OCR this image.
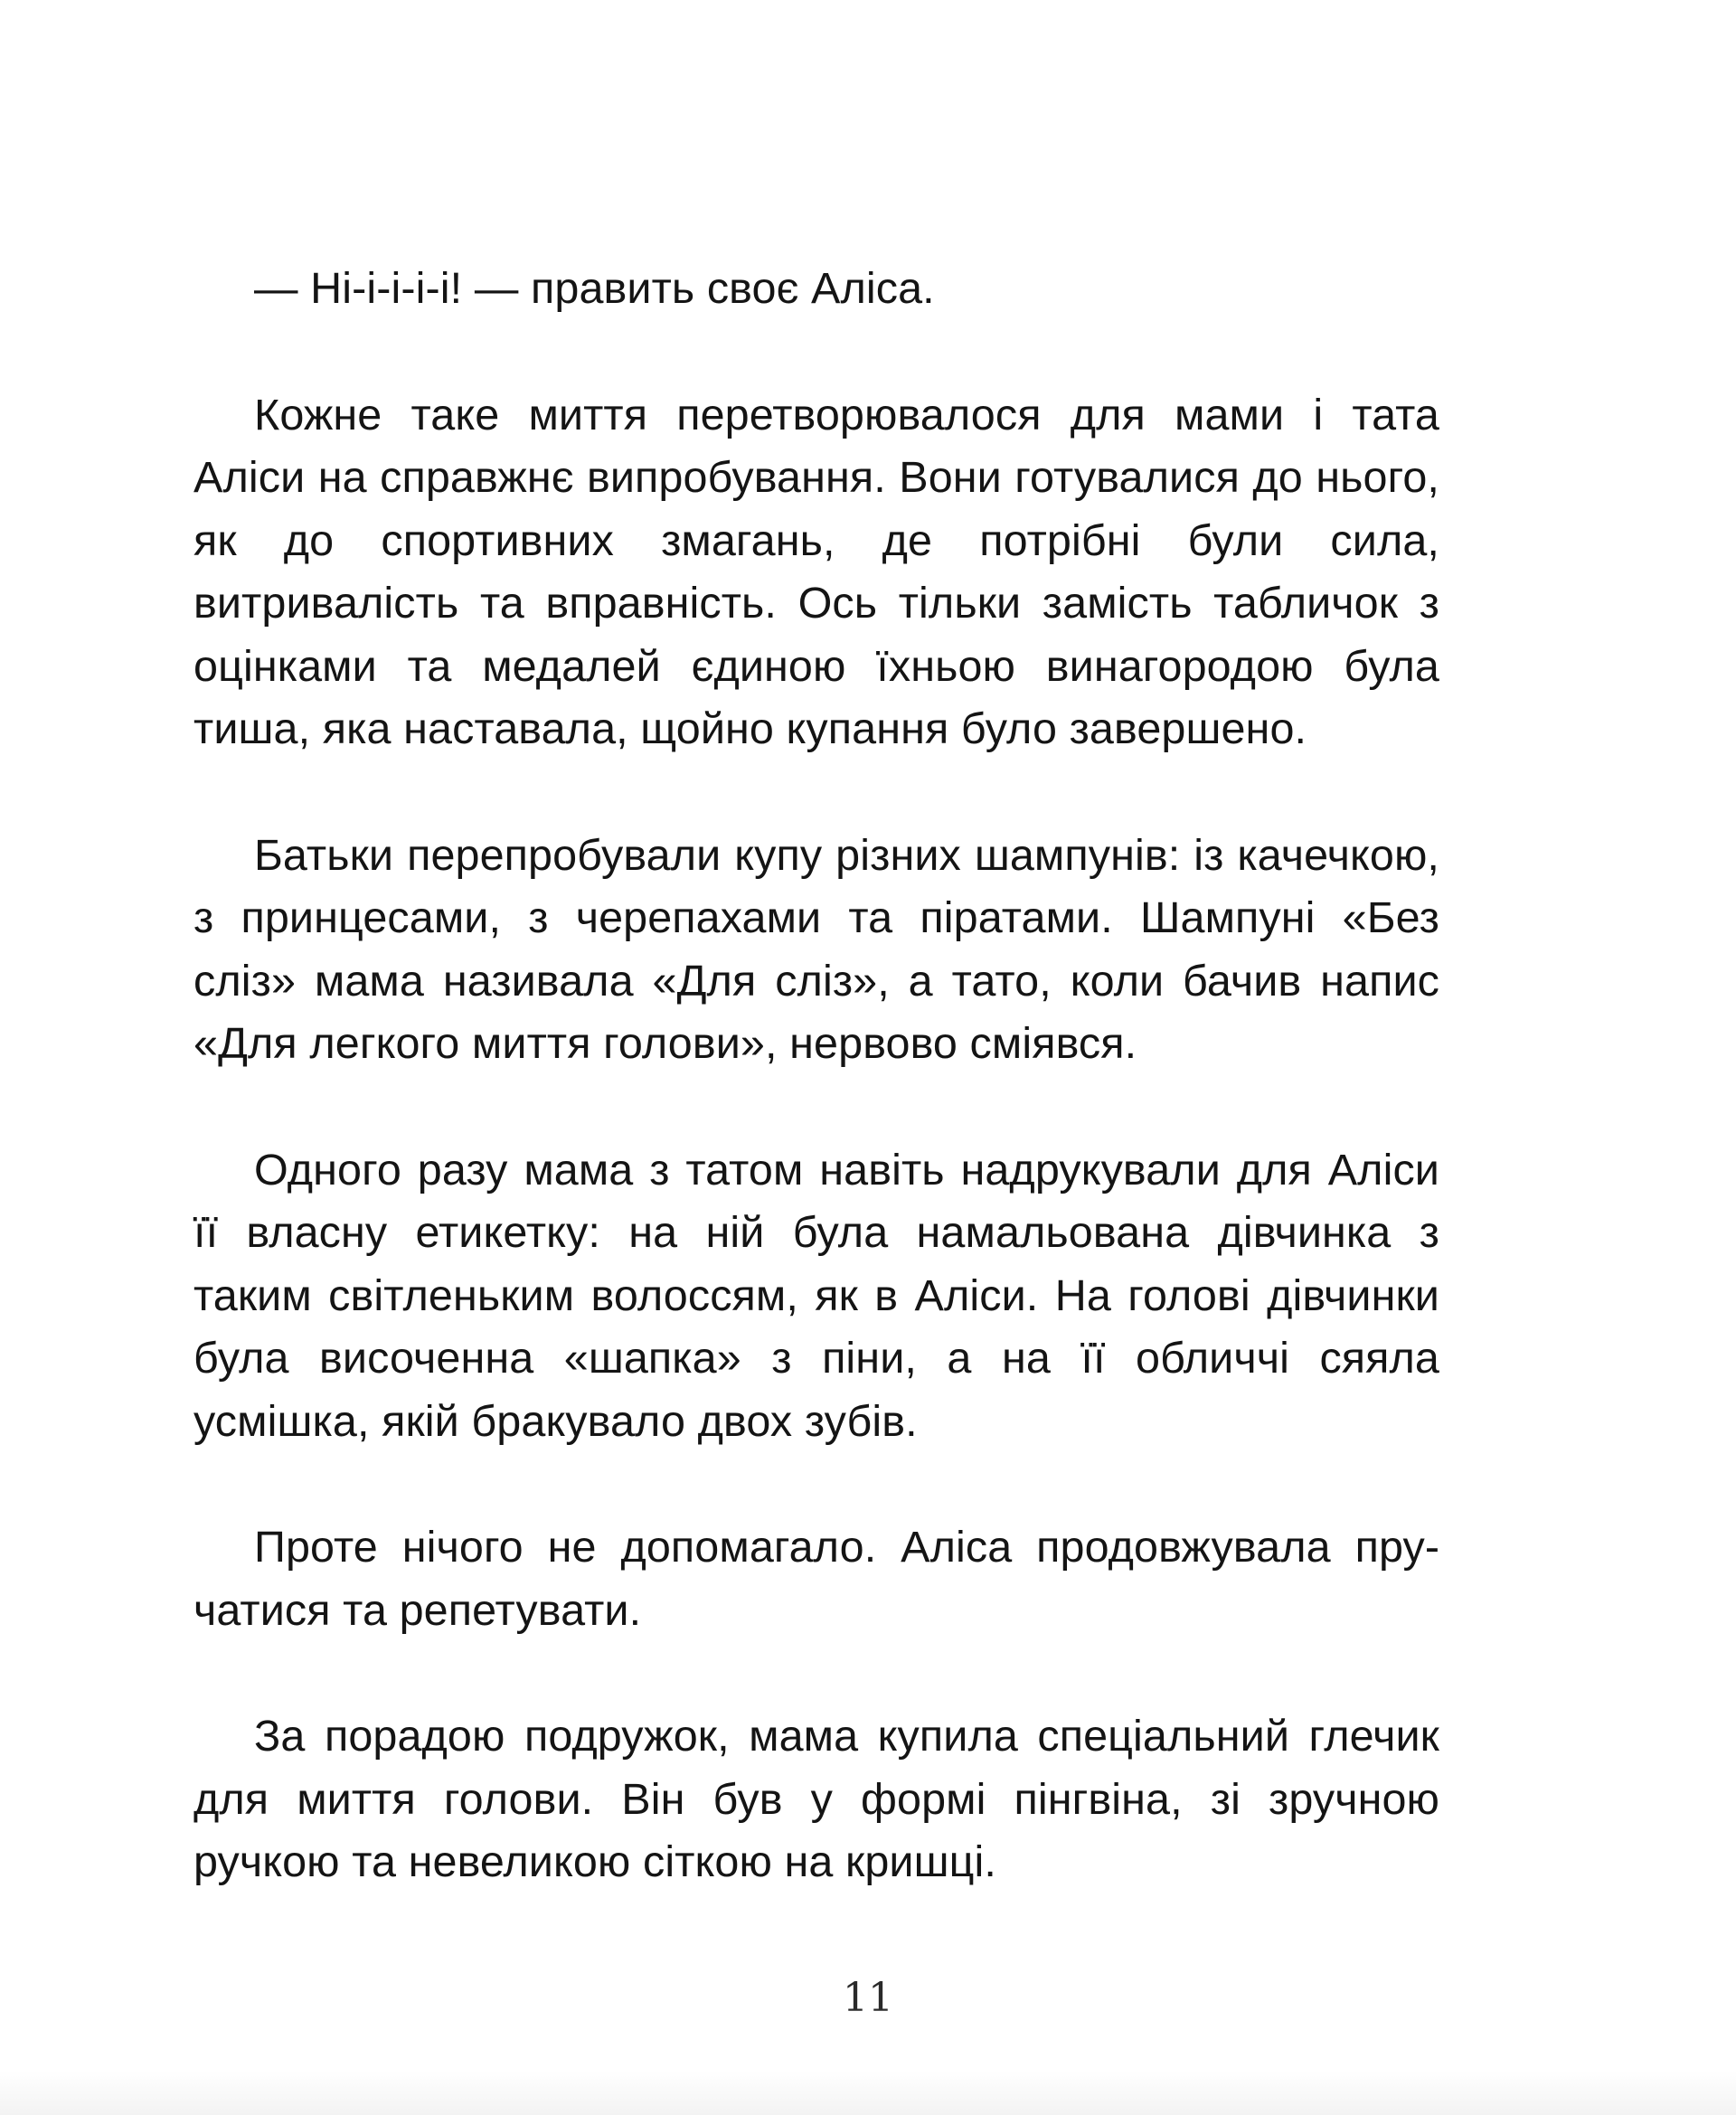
— Ні-і-і-і-і! — править своє Аліса.

Кожне таке миття перетворювалося для мами і тата Аліси на справжнє випробування. Вони готувалися до нього, як до спортивних змагань, де потрібні були сила, витривалість та вправність. Ось тільки замість табличок з оцінками та медалей єдиною їхньою винагородою була тиша, яка наставала, щойно купання було завершено.

Батьки перепробували купу різних шампунів: із качечкою, з принцесами, з черепахами та піратами. Шампуні «Без сліз» мама називала «Для сліз», а тато, коли бачив напис «Для легкого миття голови», нервово сміявся.

Одного разу мама з татом навіть надрукували для Аліси її власну етикетку: на ній була намальована дівчинка з таким світленьким волоссям, як в Аліси. На голові дівчинки була височенна «шапка» з піни, а на її обличчі сяяла усмішка, якій бракувало двох зубів.

Проте нічого не допомагало. Аліса продовжувала пручатися та репетувати.

За порадою подружок, мама купила спеціальний глечик для миття голови. Він був у формі пінгвіна, зі зручною ручкою та невеликою сіткою на кришці.

11
